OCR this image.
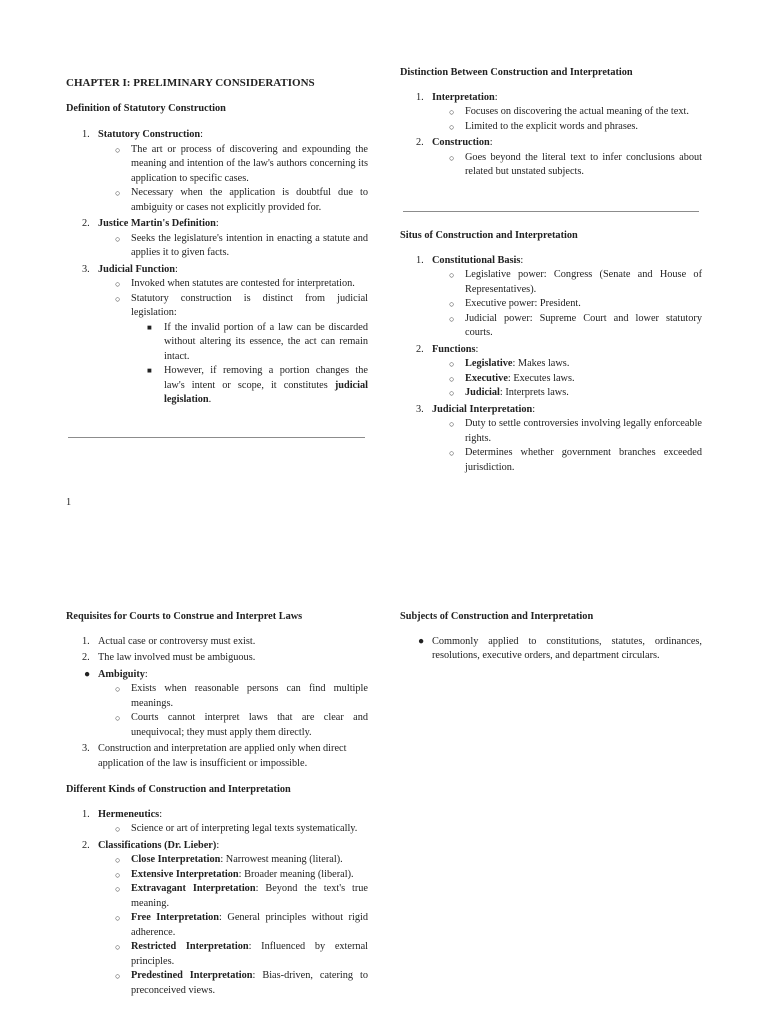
CHAPTER I: PRELIMINARY CONSIDERATIONS
Definition of Statutory Construction
1. Statutory Construction:
○ The art or process of discovering and expounding the meaning and intention of the law's authors concerning its application to specific cases.
○ Necessary when the application is doubtful due to ambiguity or cases not explicitly provided for.
2. Justice Martin's Definition:
○ Seeks the legislature's intention in enacting a statute and applies it to given facts.
3. Judicial Function:
○ Invoked when statutes are contested for interpretation.
○ Statutory construction is distinct from judicial legislation:
■ If the invalid portion of a law can be discarded without altering its essence, the act can remain intact.
■ However, if removing a portion changes the law's intent or scope, it constitutes judicial legislation.
Distinction Between Construction and Interpretation
1. Interpretation:
○ Focuses on discovering the actual meaning of the text.
○ Limited to the explicit words and phrases.
2. Construction:
○ Goes beyond the literal text to infer conclusions about related but unstated subjects.
Situs of Construction and Interpretation
1. Constitutional Basis:
○ Legislative power: Congress (Senate and House of Representatives).
○ Executive power: President.
○ Judicial power: Supreme Court and lower statutory courts.
2. Functions:
○ Legislative: Makes laws.
○ Executive: Executes laws.
○ Judicial: Interprets laws.
3. Judicial Interpretation:
○ Duty to settle controversies involving legally enforceable rights.
○ Determines whether government branches exceeded jurisdiction.
1
Requisites for Courts to Construe and Interpret Laws
1. Actual case or controversy must exist.
2. The law involved must be ambiguous.
● Ambiguity:
○ Exists when reasonable persons can find multiple meanings.
○ Courts cannot interpret laws that are clear and unequivocal; they must apply them directly.
3. Construction and interpretation are applied only when direct application of the law is insufficient or impossible.
Different Kinds of Construction and Interpretation
1. Hermeneutics:
○ Science or art of interpreting legal texts systematically.
2. Classifications (Dr. Lieber):
○ Close Interpretation: Narrowest meaning (literal).
○ Extensive Interpretation: Broader meaning (liberal).
○ Extravagant Interpretation: Beyond the text's true meaning.
○ Free Interpretation: General principles without rigid adherence.
○ Restricted Interpretation: Influenced by external principles.
○ Predestined Interpretation: Bias-driven, catering to preconceived views.
Subjects of Construction and Interpretation
● Commonly applied to constitutions, statutes, ordinances, resolutions, executive orders, and department circulars.
